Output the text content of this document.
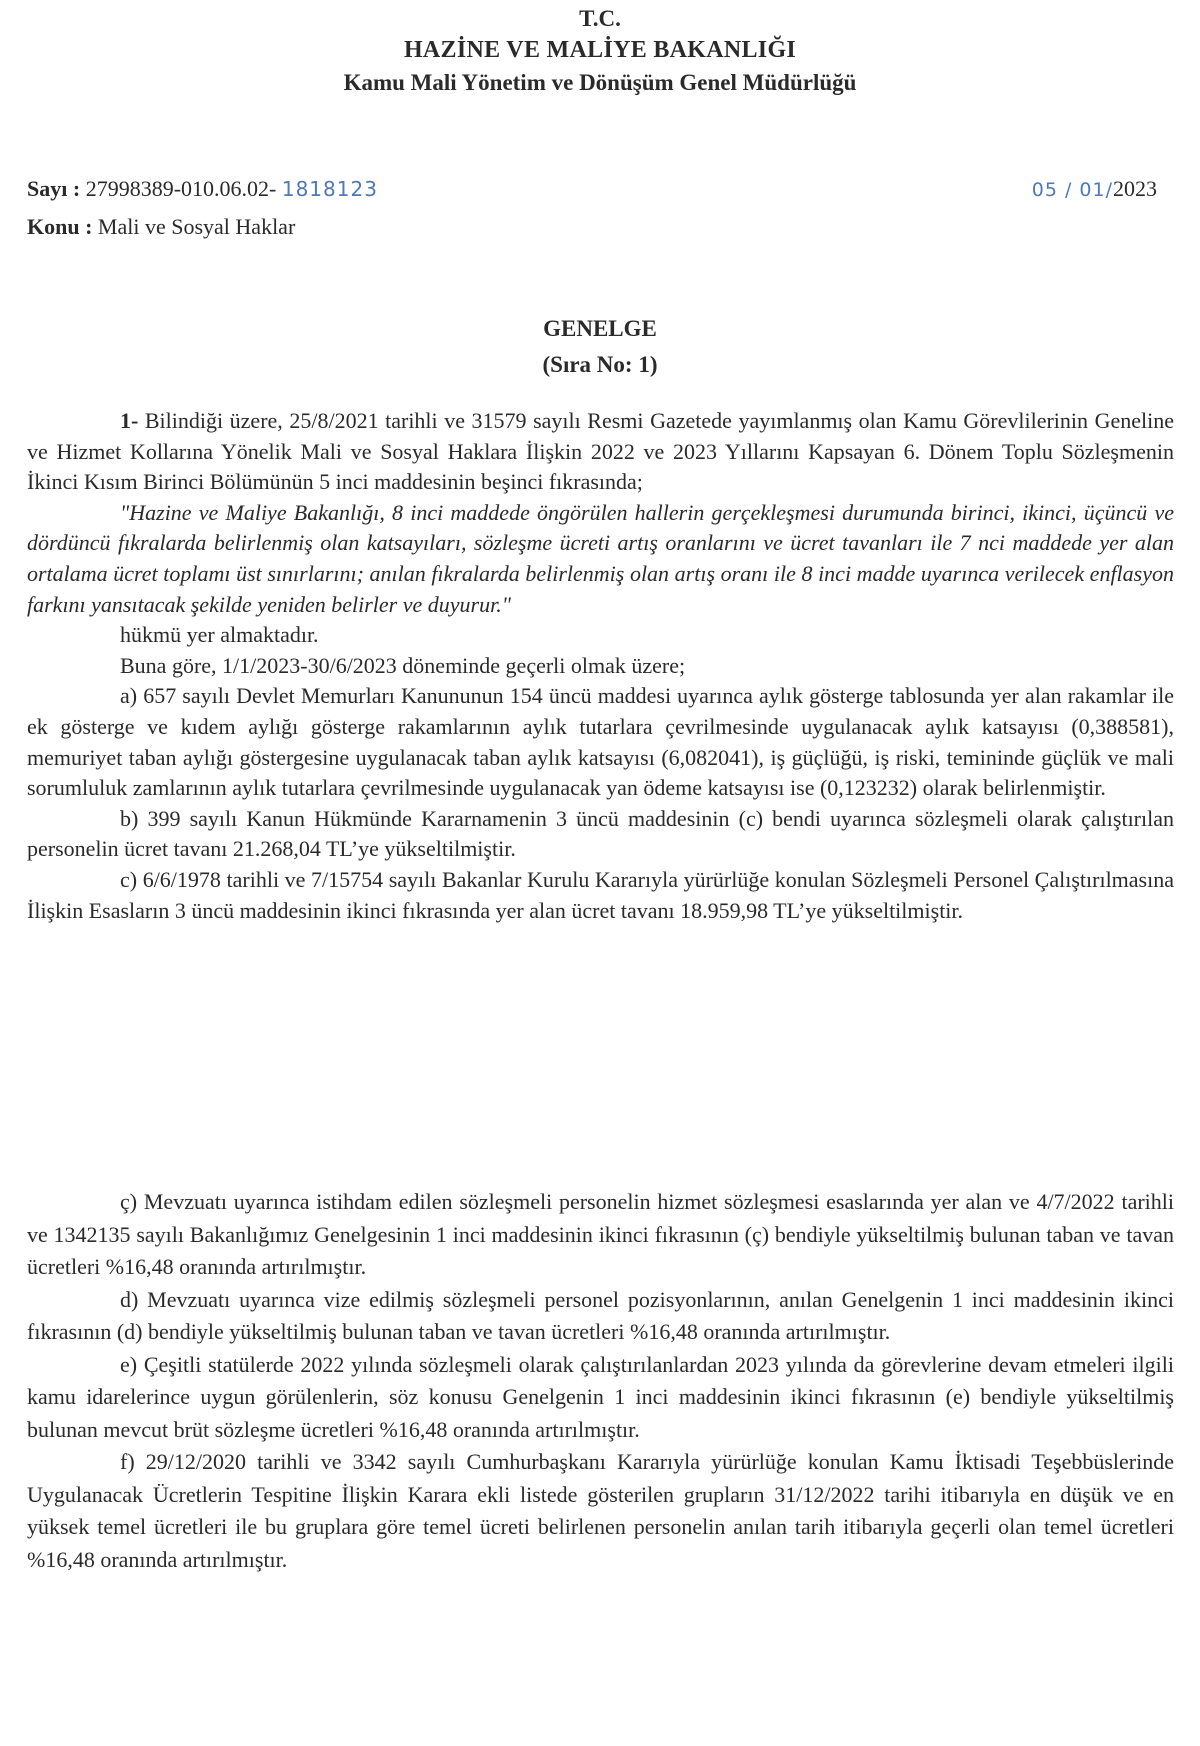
T.C.
HAZİNE VE MALİYE BAKANLIĞI
Kamu Mali Yönetim ve Dönüşüm Genel Müdürlüğü
Sayı : 27998389-010.06.02- 1818123
Konu : Mali ve Sosyal Haklar
05 / 01/2023
GENELGE
(Sıra No: 1)

1- Bilindiği üzere, 25/8/2021 tarihli ve 31579 sayılı Resmi Gazetede yayımlanmış olan Kamu Görevlilerinin Geneline ve Hizmet Kollarına Yönelik Mali ve Sosyal Haklara İlişkin 2022 ve 2023 Yıllarını Kapsayan 6. Dönem Toplu Sözleşmenin İkinci Kısım Birinci Bölümünün 5 inci maddesinin beşinci fıkrasında;

"Hazine ve Maliye Bakanlığı, 8 inci maddede öngörülen hallerin gerçekleşmesi durumunda birinci, ikinci, üçüncü ve dördüncü fıkralarda belirlenmiş olan katsayıları, sözleşme ücreti artış oranlarını ve ücret tavanları ile 7 nci maddede yer alan ortalama ücret toplamı üst sınırlarını; anılan fıkralarda belirlenmiş olan artış oranı ile 8 inci madde uyarınca verilecek enflasyon farkını yansıtacak şekilde yeniden belirler ve duyurur."

hükmü yer almaktadır.

Buna göre, 1/1/2023-30/6/2023 döneminde geçerli olmak üzere;

a) 657 sayılı Devlet Memurları Kanununun 154 üncü maddesi uyarınca aylık gösterge tablosunda yer alan rakamlar ile ek gösterge ve kıdem aylığı gösterge rakamlarının aylık tutarlara çevrilmesinde uygulanacak aylık katsayısı (0,388581), memuriyet taban aylığı göstergesine uygulanacak taban aylık katsayısı (6,082041), iş güçlüğü, iş riski, temininde güçlük ve mali sorumluluk zamlarının aylık tutarlara çevrilmesinde uygulanacak yan ödeme katsayısı ise (0,123232) olarak belirlenmiştir.

b) 399 sayılı Kanun Hükmünde Kararnamenin 3 üncü maddesinin (c) bendi uyarınca sözleşmeli olarak çalıştırılan personelin ücret tavanı 21.268,04 TL’ye yükseltilmiştir.

c) 6/6/1978 tarihli ve 7/15754 sayılı Bakanlar Kurulu Kararıyla yürürlüğe konulan Sözleşmeli Personel Çalıştırılmasına İlişkin Esasların 3 üncü maddesinin ikinci fıkrasında yer alan ücret tavanı 18.959,98 TL’ye yükseltilmiştir.

ç) Mevzuatı uyarınca istihdam edilen sözleşmeli personelin hizmet sözleşmesi esaslarında yer alan ve 4/7/2022 tarihli ve 1342135 sayılı Bakanlığımız Genelgesinin 1 inci maddesinin ikinci fıkrasının (ç) bendiyle yükseltilmiş bulunan taban ve tavan ücretleri %16,48 oranında artırılmıştır.

d) Mevzuatı uyarınca vize edilmiş sözleşmeli personel pozisyonlarının, anılan Genelgenin 1 inci maddesinin ikinci fıkrasının (d) bendiyle yükseltilmiş bulunan taban ve tavan ücretleri %16,48 oranında artırılmıştır.

e) Çeşitli statülerde 2022 yılında sözleşmeli olarak çalıştırılanlardan 2023 yılında da görevlerine devam etmeleri ilgili kamu idarelerince uygun görülenlerin, söz konusu Genelgenin 1 inci maddesinin ikinci fıkrasının (e) bendiyle yükseltilmiş bulunan mevcut brüt sözleşme ücretleri %16,48 oranında artırılmıştır.

f) 29/12/2020 tarihli ve 3342 sayılı Cumhurbaşkanı Kararıyla yürürlüğe konulan Kamu İktisadi Teşebbüslerinde Uygulanacak Ücretlerin Tespitine İlişkin Karara ekli listede gösterilen grupların 31/12/2022 tarihi itibarıyla en düşük ve en yüksek temel ücretleri ile bu gruplara göre temel ücreti belirlenen personelin anılan tarih itibarıyla geçerli olan temel ücretleri %16,48 oranında artırılmıştır.
